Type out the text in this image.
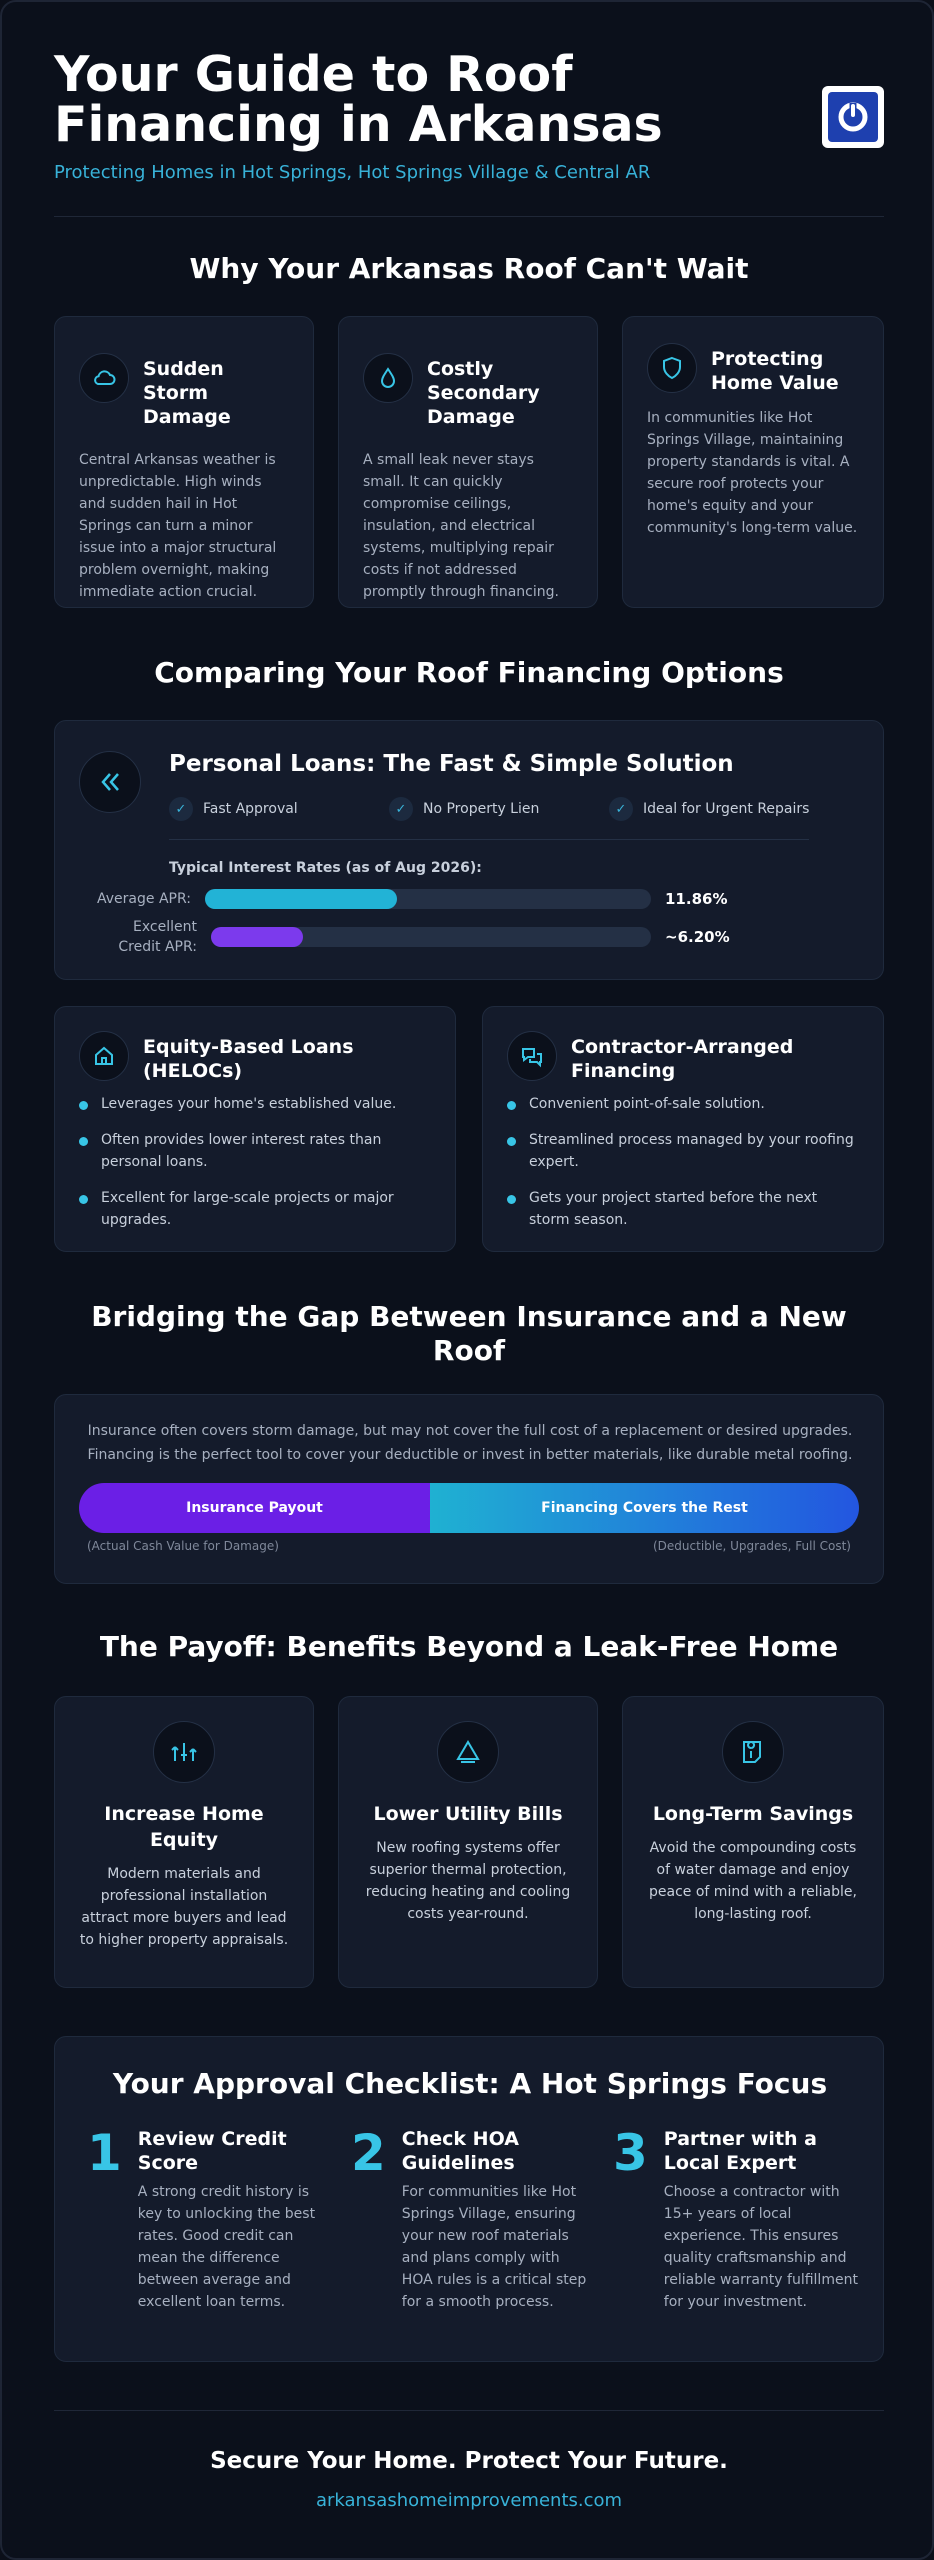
Your Guide to Roof Financing in Arkansas
Protecting Homes in Hot Springs, Hot Springs Village & Central AR
Why Your Arkansas Roof Can't Wait
Sudden Storm Damage
Central Arkansas weather is unpredictable. High winds and sudden hail in Hot Springs can turn a minor issue into a major structural problem overnight, making immediate action crucial.
Costly Secondary Damage
A small leak never stays small. It can quickly compromise ceilings, insulation, and electrical systems, multiplying repair costs if not addressed promptly through financing.
Protecting Home Value
In communities like Hot Springs Village, maintaining property standards is vital. A secure roof protects your home's equity and your community's long-term value.
Comparing Your Roof Financing Options
Personal Loans: The Fast & Simple Solution
✓	Fast Approval	✓	No Property Lien	✓	Ideal for Urgent Repairs
Typical Interest Rates (as of Aug 2026):
Average APR:	11.86%
Excellent Credit APR:
~6.20%
Equity-Based Loans (HELOCs)
Leverages your home's established value.
Often provides lower interest rates than personal loans.
Excellent for large-scale projects or major upgrades.
Contractor-Arranged Financing
Convenient point-of-sale solution.
Streamlined process managed by your roofing expert.
Gets your project started before the next storm season.
Bridging the Gap Between Insurance and a New Roof
Insurance often covers storm damage, but may not cover the full cost of a replacement or desired upgrades. Financing is the perfect tool to cover your deductible or invest in better materials, like durable metal roofing.
Insurance Payout	Financing Covers the Rest
(Actual Cash Value for Damage)	(Deductible, Upgrades, Full Cost)
The Payoff: Benefits Beyond a Leak-Free Home
Increase Home Equity
Modern materials and professional installation attract more buyers and lead to higher property appraisals.
Lower Utility Bills
New roofing systems offer superior thermal protection, reducing heating and cooling costs year-round.
Long-Term Savings
Avoid the compounding costs of water damage and enjoy peace of mind with a reliable, long-lasting roof.
Your Approval Checklist: A Hot Springs Focus
1 Review Credit Score
A strong credit history is key to unlocking the best rates. Good credit can mean the difference between average and excellent loan terms.
2 Check HOA Guidelines
For communities like Hot Springs Village, ensuring your new roof materials and plans comply with HOA rules is a critical step for a smooth process.
3 Partner with a Local Expert
Choose a contractor with 15+ years of local experience. This ensures quality craftsmanship and reliable warranty fulfillment for your investment.
Secure Your Home. Protect Your Future.
arkansashomeimprovements.com
